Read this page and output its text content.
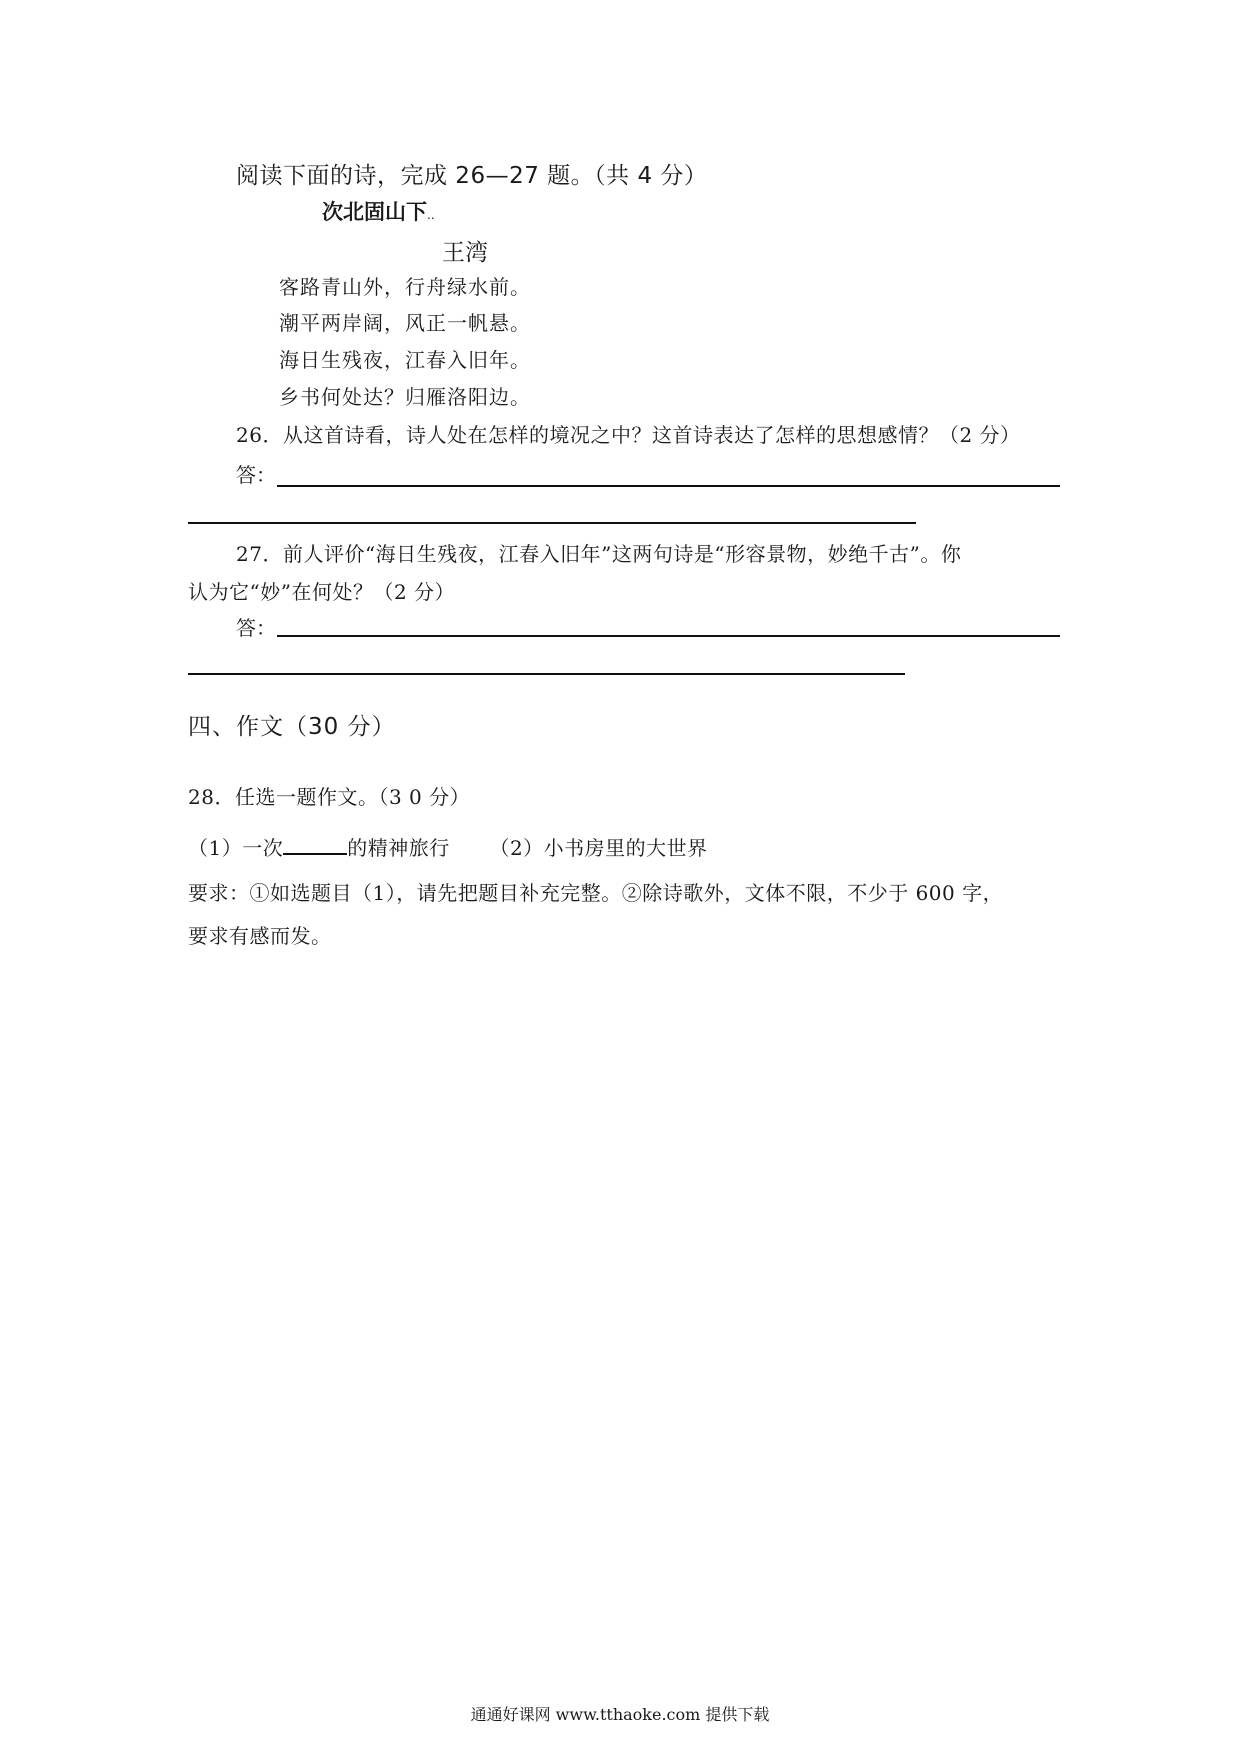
阅读下面的诗，完成 26—27 题。（共 4 分）
次北固山下..
王湾
客路青山外，行舟绿水前。
潮平两岸阔，风正一帆悬。
海日生残夜，江春入旧年。
乡书何处达？归雁洛阳边。
26．从这首诗看，诗人处在怎样的境况之中？这首诗表达了怎样的思想感情？（2 分）
答：
27．前人评价“海日生残夜，江春入旧年”这两句诗是“形容景物，妙绝千古”。你
认为它“妙”在何处？（2 分）
答：
四、作文（30 分）
28．任选一题作文。（3 0 分）
（1）一次	的精神旅行 （2）小书房里的大世界
要求：①如选题目（1），请先把题目补充完整。②除诗歌外，文体不限，不少于 600 字，
要求有感而发。
通通好课网 www.tthaoke.com 提供下载
